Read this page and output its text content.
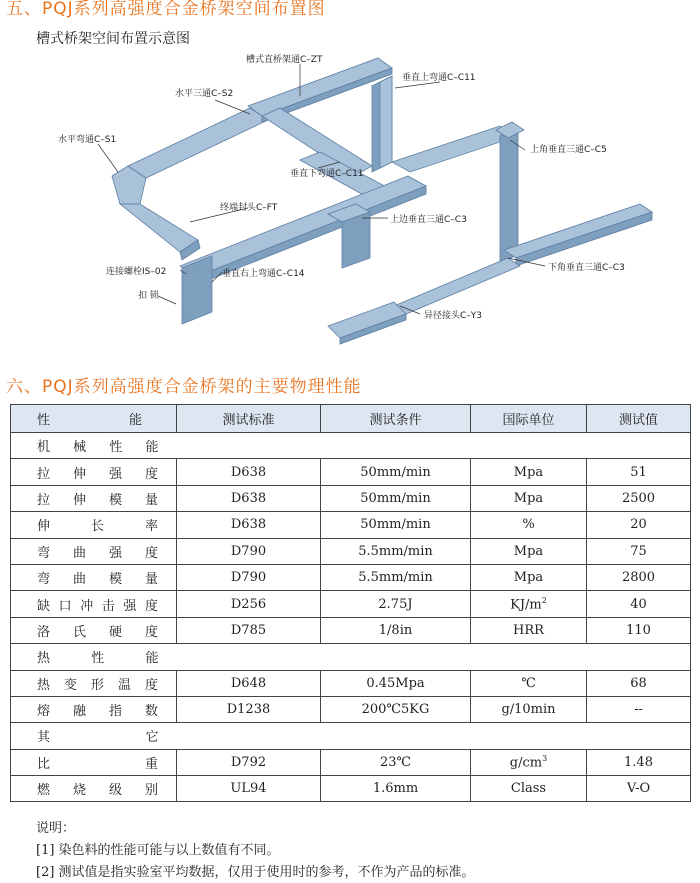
五、PQJ系列高强度合金桥架空间布置图
槽式桥架空间布置示意图
槽式直桥架通C–ZT
水平三通C–S2
垂直上弯通C–C11
水平弯通C–S1
上角垂直三通C–C5
垂直下弯通C–C11
终端封头C–FT
上边垂直三通C–C3
连接螺栓IS–02	垂直右上弯通C–C14
下角垂直三通C–C3
扣 锁
异径接头C–Y3
六、PQJ系列高强度合金桥架的主要物理性能
性 能	测试标准	测试条件	国际单位	测试值
机 械 性 能				
拉伸强度	D638	50mm/min	Mpa	51
拉伸模量	D638	50mm/min	Mpa	2500
伸长率	D638	50mm/min	%	20
弯曲强度	D790	5.5mm/min	Mpa	75
弯曲模量	D790	5.5mm/min	Mpa	2800
缺口冲击强度	D256	2.75J	$KJ/m^2$	40
洛氏硬度	D785	1/8in	HRR	110
热 性 能				
热变形温度	D648	0.45Mpa	℃	68
熔融指数	D1238	200℃5KG	g/10min	--
其 它				
比重	D792	23℃	$g/cm^3$	1.48
燃烧级别	UL94	1.6mm	Class	V-O
说明：
[1] 染色料的性能可能与以上数值有不同。
[2] 测试值是指实验室平均数据，仅用于使用时的参考，不作为产品的标准。
